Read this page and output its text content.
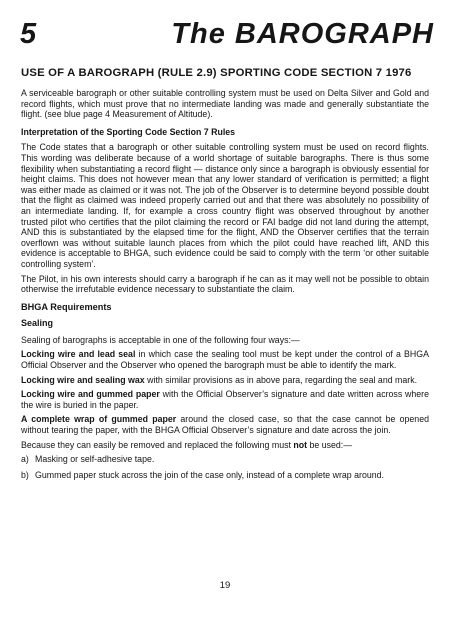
5	The BAROGRAPH
USE OF A BAROGRAPH (RULE 2.9) SPORTING CODE SECTION 7 1976

A serviceable barograph or other suitable controlling system must be used on Delta Silver and Gold and record flights, which must prove that no intermediate landing was made and generally substantiate the flight. (see blue page 4 Measurement of Altitude).

Interpretation of the Sporting Code Section 7 Rules

The Code states that a barograph or other suitable controlling system must be used on record flights. This wording was deliberate because of a world shortage of suitable barographs. There is thus some flexibility when substantiating a record flight — distance only since a barograph is obviously essential for height claims. This does not however mean that any lower standard of verification is permitted; a flight was either made as claimed or it was not. The job of the Observer is to determine beyond possible doubt that the flight as claimed was indeed properly carried out and that there was absolutely no possibility of an intermediate landing. If, for example a cross country flight was observed throughout by another trusted pilot who certifies that the pilot claiming the record or FAI badge did not land during the attempt, AND this is substantiated by the elapsed time for the flight, AND the Observer certifies that the terrain overflown was without suitable launch places from which the pilot could have reached lift, AND this evidence is acceptable to BHGA, such evidence could be said to comply with the term ‘or other suitable controlling system’.

The Pilot, in his own interests should carry a barograph if he can as it may well not be possible to obtain otherwise the irrefutable evidence necessary to substantiate the claim.

BHGA Requirements
Sealing

Sealing of barographs is acceptable in one of the following four ways:—

Locking wire and lead seal in which case the sealing tool must be kept under the control of a BHGA Official Observer and the Observer who opened the barograph must be able to identify the mark.

Locking wire and sealing wax with similar provisions as in above para, regarding the seal and mark.

Locking wire and gummed paper with the Official Observer’s signature and date written across where the wire is buried in the paper.

A complete wrap of gummed paper around the closed case, so that the case cannot be opened without tearing the paper, with the BHGA Official Observer’s signature and date across the join.

Because they can easily be removed and replaced the following must not be used:—

a) Masking or self-adhesive tape.
b) Gummed paper stuck across the join of the case only, instead of a complete wrap around.
19
